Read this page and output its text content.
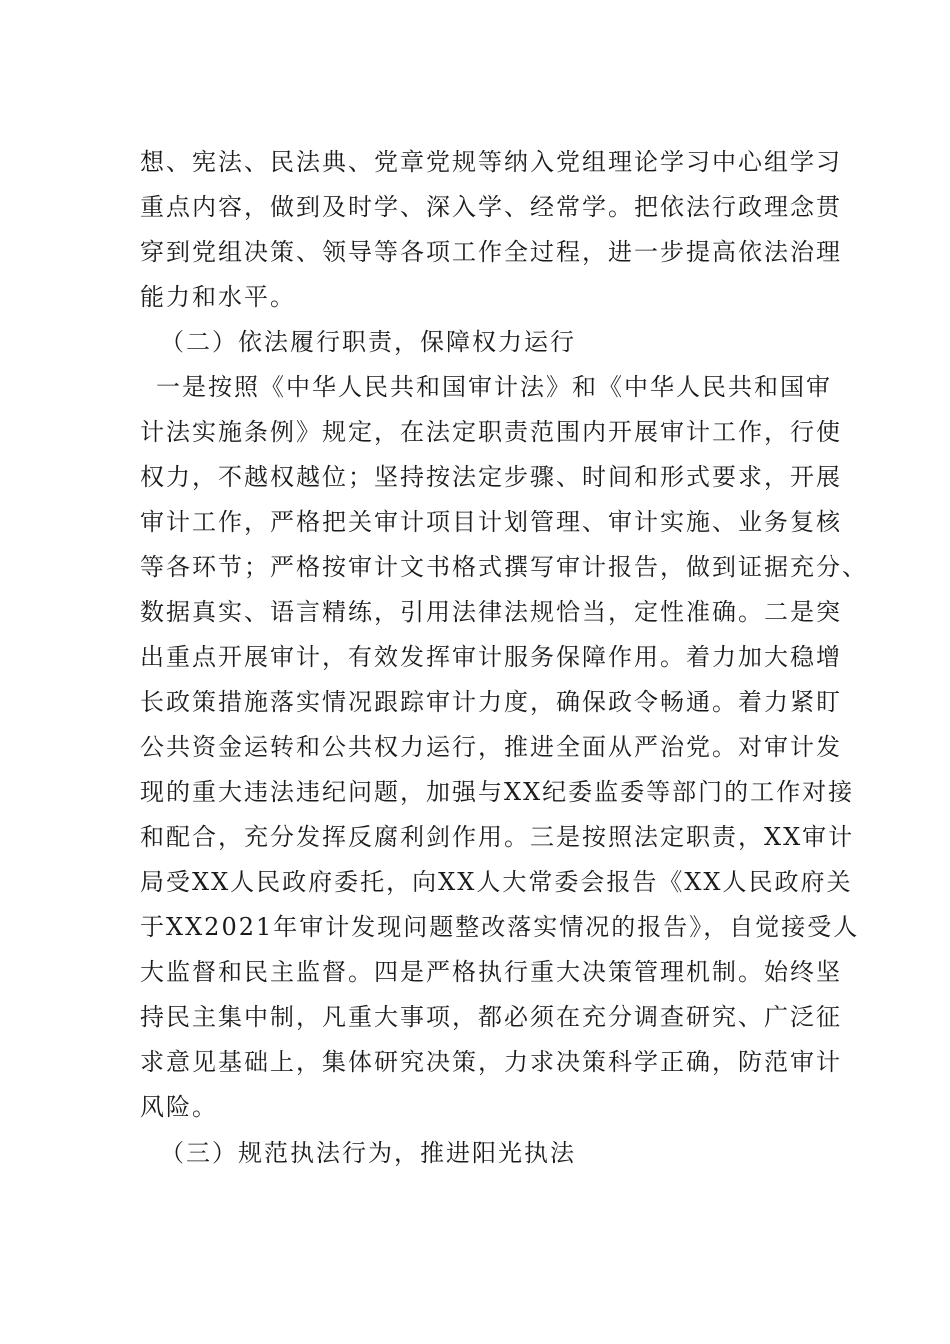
想、宪法、民法典、党章党规等纳入党组理论学习中心组学习
重点内容，做到及时学、深入学、经常学。把依法行政理念贯
穿到党组决策、领导等各项工作全过程，进一步提高依法治理
能力和水平。
（二）依法履行职责，保障权力运行
一是按照《中华人民共和国审计法》和《中华人民共和国审
计法实施条例》规定，在法定职责范围内开展审计工作，行使
权力，不越权越位；坚持按法定步骤、时间和形式要求，开展
审计工作，严格把关审计项目计划管理、审计实施、业务复核
等各环节；严格按审计文书格式撰写审计报告，做到证据充分、
数据真实、语言精练，引用法律法规恰当，定性准确。二是突
出重点开展审计，有效发挥审计服务保障作用。着力加大稳增
长政策措施落实情况跟踪审计力度，确保政令畅通。着力紧盯
公共资金运转和公共权力运行，推进全面从严治党。对审计发
现的重大违法违纪问题，加强与XX纪委监委等部门的工作对接
和配合，充分发挥反腐利剑作用。三是按照法定职责，XX审计
局受XX人民政府委托，向XX人大常委会报告《XX人民政府关
于XX2021年审计发现问题整改落实情况的报告》，自觉接受人
大监督和民主监督。四是严格执行重大决策管理机制。始终坚
持民主集中制，凡重大事项，都必须在充分调查研究、广泛征
求意见基础上，集体研究决策，力求决策科学正确，防范审计
风险。
（三）规范执法行为，推进阳光执法
